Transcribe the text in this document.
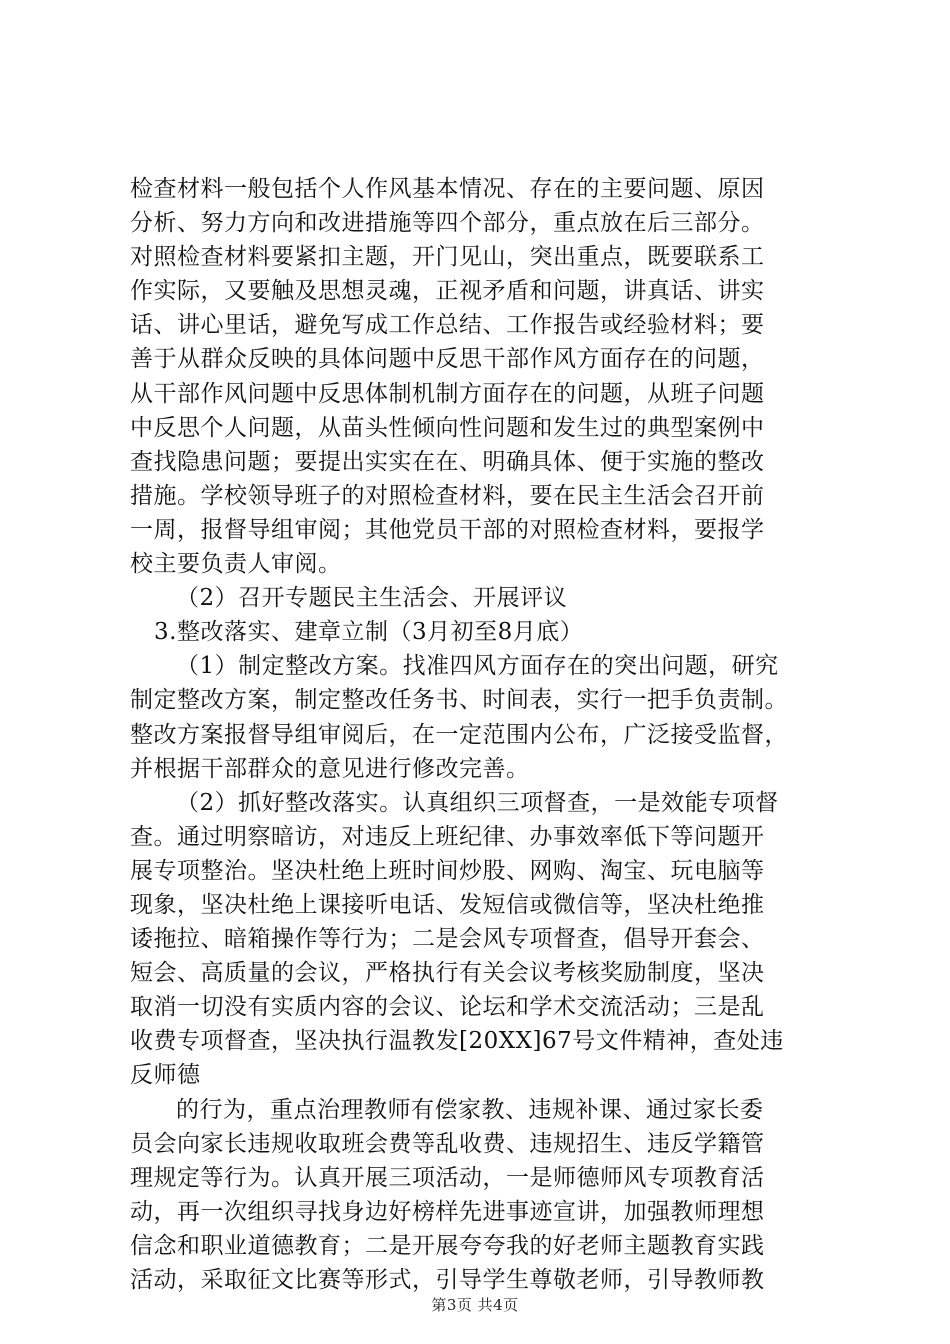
检查材料一般包括个人作风基本情况、存在的主要问题、原因
分析、努力方向和改进措施等四个部分，重点放在后三部分。
对照检查材料要紧扣主题，开门见山，突出重点，既要联系工
作实际，又要触及思想灵魂，正视矛盾和问题，讲真话、讲实
话、讲心里话，避免写成工作总结、工作报告或经验材料；要
善于从群众反映的具体问题中反思干部作风方面存在的问题，
从干部作风问题中反思体制机制方面存在的问题，从班子问题
中反思个人问题，从苗头性倾向性问题和发生过的典型案例中
查找隐患问题；要提出实实在在、明确具体、便于实施的整改
措施。学校领导班子的对照检查材料，要在民主生活会召开前
一周，报督导组审阅；其他党员干部的对照检查材料，要报学
校主要负责人审阅。
（2）召开专题民主生活会、开展评议
3.整改落实、建章立制（3月初至8月底）
（1）制定整改方案。找准四风方面存在的突出问题，研究
制定整改方案，制定整改任务书、时间表，实行一把手负责制。
整改方案报督导组审阅后，在一定范围内公布，广泛接受监督，
并根据干部群众的意见进行修改完善。
（2）抓好整改落实。认真组织三项督查，一是效能专项督
查。通过明察暗访，对违反上班纪律、办事效率低下等问题开
展专项整治。坚决杜绝上班时间炒股、网购、淘宝、玩电脑等
现象，坚决杜绝上课接听电话、发短信或微信等，坚决杜绝推
诿拖拉、暗箱操作等行为；二是会风专项督查，倡导开套会、
短会、高质量的会议，严格执行有关会议考核奖励制度，坚决
取消一切没有实质内容的会议、论坛和学术交流活动；三是乱
收费专项督查，坚决执行温教发[20XX]67号文件精神，查处违
反师德
的行为，重点治理教师有偿家教、违规补课、通过家长委
员会向家长违规收取班会费等乱收费、违规招生、违反学籍管
理规定等行为。认真开展三项活动，一是师德师风专项教育活
动，再一次组织寻找身边好榜样先进事迹宣讲，加强教师理想
信念和职业道德教育；二是开展夸夸我的好老师主题教育实践
活动，采取征文比赛等形式，引导学生尊敬老师，引导教师教
第3页 共4页
